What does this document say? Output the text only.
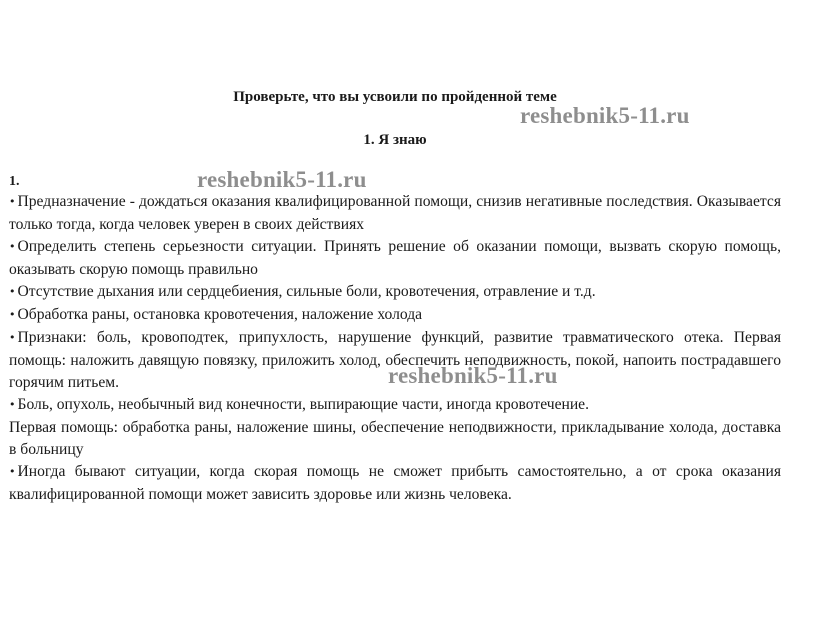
Проверьте, что вы усвоили по пройденной теме
1. Я знаю
1.

• Предназначение - дождаться оказания квалифицированной помощи, снизив негативные последствия. Оказывается только тогда, когда человек уверен в своих действиях

• Определить степень серьезности ситуации. Принять решение об оказании помощи, вызвать скорую помощь, оказывать скорую помощь правильно

• Отсутствие дыхания или сердцебиения, сильные боли, кровотечения, отравление и т.д.

• Обработка раны, остановка кровотечения, наложение холода

• Признаки: боль, кровоподтек, припухлость, нарушение функций, развитие травматического отека. Первая помощь: наложить давящую повязку, приложить холод, обеспечить неподвижность, покой, напоить пострадавшего горячим питьем.

• Боль, опухоль, необычный вид конечности, выпирающие части, иногда кровотечение.

Первая помощь: обработка раны, наложение шины, обеспечение неподвижности, прикладывание холода, доставка в больницу

• Иногда бывают ситуации, когда скорая помощь не сможет прибыть самостоятельно, а от срока оказания квалифицированной помощи может зависить здоровье или жизнь человека.

reshebnik5-11.ru
reshebnik5-11.ru
reshebnik5-11.ru
